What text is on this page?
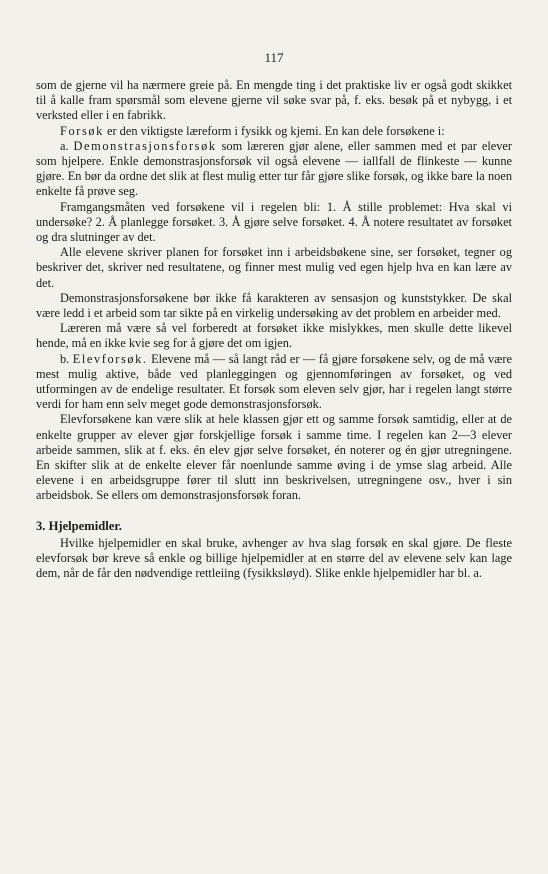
117

som de gjerne vil ha nærmere greie på. En mengde ting i det praktiske liv er også godt skikket til å kalle fram spørsmål som elevene gjerne vil søke svar på, f. eks. besøk på et nybygg, i et verksted eller i en fabrikk.

Forsøk er den viktigste læreform i fysikk og kjemi. En kan dele forsøkene i:

a. Demonstrasjonsforsøk som læreren gjør alene, eller sammen med et par elever som hjelpere. Enkle demonstrasjonsforsøk vil også elevene — iallfall de flinkeste — kunne gjøre. En bør da ordne det slik at flest mulig etter tur får gjøre slike forsøk, og ikke bare la noen enkelte få prøve seg.

Framgangsmåten ved forsøkene vil i regelen bli: 1. Å stille problemet: Hva skal vi undersøke? 2. Å planlegge forsøket. 3. Å gjøre selve forsøket. 4. Å notere resultatet av forsøket og dra slutninger av det.

Alle elevene skriver planen for forsøket inn i arbeidsbøkene sine, ser forsøket, tegner og beskriver det, skriver ned resultatene, og finner mest mulig ved egen hjelp hva en kan lære av det.

Demonstrasjonsforsøkene bør ikke få karakteren av sensasjon og kunststykker. De skal være ledd i et arbeid som tar sikte på en virkelig undersøking av det problem en arbeider med.

Læreren må være så vel forberedt at forsøket ikke mislykkes, men skulle dette likevel hende, må en ikke kvie seg for å gjøre det om igjen.

b. Elevforsøk. Elevene må — så langt råd er — få gjøre forsøkene selv, og de må være mest mulig aktive, både ved planleggingen og gjennomføringen av forsøket, og ved utformingen av de endelige resultater. Et forsøk som eleven selv gjør, har i regelen langt større verdi for ham enn selv meget gode demonstrasjonsforsøk.

Elevforsøkene kan være slik at hele klassen gjør ett og samme forsøk samtidig, eller at de enkelte grupper av elever gjør forskjellige forsøk i samme time. I regelen kan 2—3 elever arbeide sammen, slik at f. eks. én elev gjør selve forsøket, én noterer og én gjør utregningene. En skifter slik at de enkelte elever får noenlunde samme øving i de ymse slag arbeid. Alle elevene i en arbeidsgruppe fører til slutt inn beskrivelsen, utregningene osv., hver i sin arbeidsbok. Se ellers om demonstrasjonsforsøk foran.

3. Hjelpemidler.

Hvilke hjelpemidler en skal bruke, avhenger av hva slag forsøk en skal gjøre. De fleste elevforsøk bør kreve så enkle og billige hjelpemidler at en større del av elevene selv kan lage dem, når de får den nødvendige rettleiing (fysikksløyd). Slike enkle hjelpemidler har bl. a.
